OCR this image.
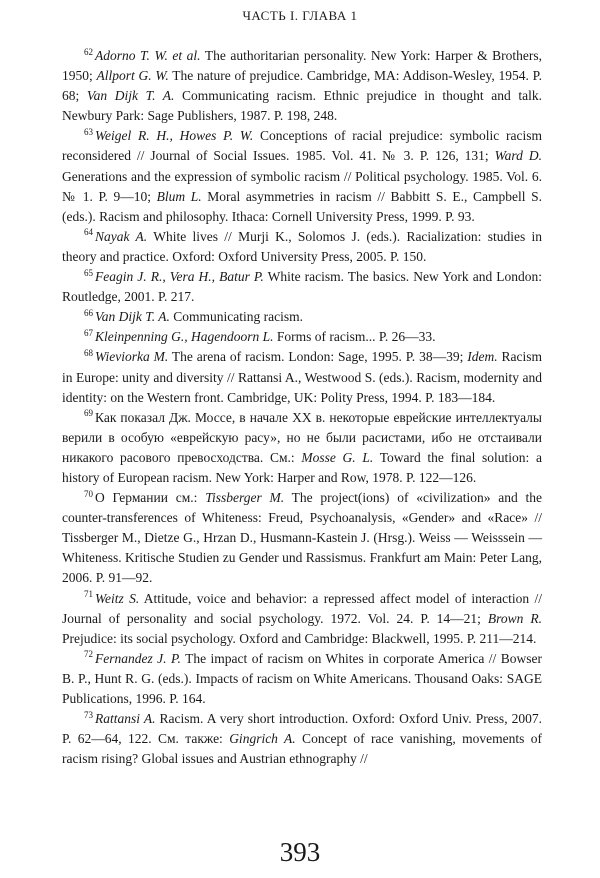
ЧАСТЬ I. ГЛАВА 1

$^{62}$ Adorno T. W. et al. The authoritarian personality. New York: Harper & Brothers, 1950; Allport G. W. The nature of prejudice. Cambridge, MA: Addison-Wesley, 1954. P. 68; Van Dijk T. A. Communicating racism. Ethnic prejudice in thought and talk. Newbury Park: Sage Publishers, 1987. P. 198, 248.

$^{63}$ Weigel R. H., Howes P. W. Conceptions of racial prejudice: symbolic racism reconsidered // Journal of Social Issues. 1985. Vol. 41. № 3. P. 126, 131; Ward D. Generations and the expression of symbolic racism // Political psychology. 1985. Vol. 6. № 1. P. 9—10; Blum L. Moral asymmetries in racism // Babbitt S. E., Campbell S. (eds.). Racism and philosophy. Ithaca: Cornell University Press, 1999. P. 93.

$^{64}$ Nayak A. White lives // Murji K., Solomos J. (eds.). Racialization: studies in theory and practice. Oxford: Oxford University Press, 2005. P. 150.

$^{65}$ Feagin J. R., Vera H., Batur P. White racism. The basics. New York and London: Routledge, 2001. P. 217.

$^{66}$ Van Dijk T. A. Communicating racism.

$^{67}$ Kleinpenning G., Hagendoorn L. Forms of racism... P. 26—33.

$^{68}$ Wieviorka M. The arena of racism. London: Sage, 1995. P. 38—39; Idem. Racism in Europe: unity and diversity // Rattansi A., Westwood S. (eds.). Racism, modernity and identity: on the Western front. Cambridge, UK: Polity Press, 1994. P. 183—184.

$^{69}$ Как показал Дж. Моссе, в начале XX в. некоторые еврейские интеллектуалы верили в особую «еврейскую расу», но не были расистами, ибо не отстаивали никакого расового превосходства. См.: Mosse G. L. Toward the final solution: a history of European racism. New York: Harper and Row, 1978. P. 122—126.

$^{70}$ О Германии см.: Tissberger M. The project(ions) of «civilization» and the counter-transferences of Whiteness: Freud, Psychoanalysis, «Gender» and «Race» // Tissberger M., Dietze G., Hrzan D., Husmann-Kastein J. (Hrsg.). Weiss — Weisssein — Whiteness. Kritische Studien zu Gender und Rassismus. Frankfurt am Main: Peter Lang, 2006. P. 91—92.

$^{71}$ Weitz S. Attitude, voice and behavior: a repressed affect model of interaction // Journal of personality and social psychology. 1972. Vol. 24. P. 14—21; Brown R. Prejudice: its social psychology. Oxford and Cambridge: Blackwell, 1995. P. 211—214.

$^{72}$ Fernandez J. P. The impact of racism on Whites in corporate America // Bowser B. P., Hunt R. G. (eds.). Impacts of racism on White Americans. Thousand Oaks: SAGE Publications, 1996. P. 164.

$^{73}$ Rattansi A. Racism. A very short introduction. Oxford: Oxford Univ. Press, 2007. P. 62—64, 122. См. также: Gingrich A. Concept of race vanishing, movements of racism rising? Global issues and Austrian ethnography //

393
